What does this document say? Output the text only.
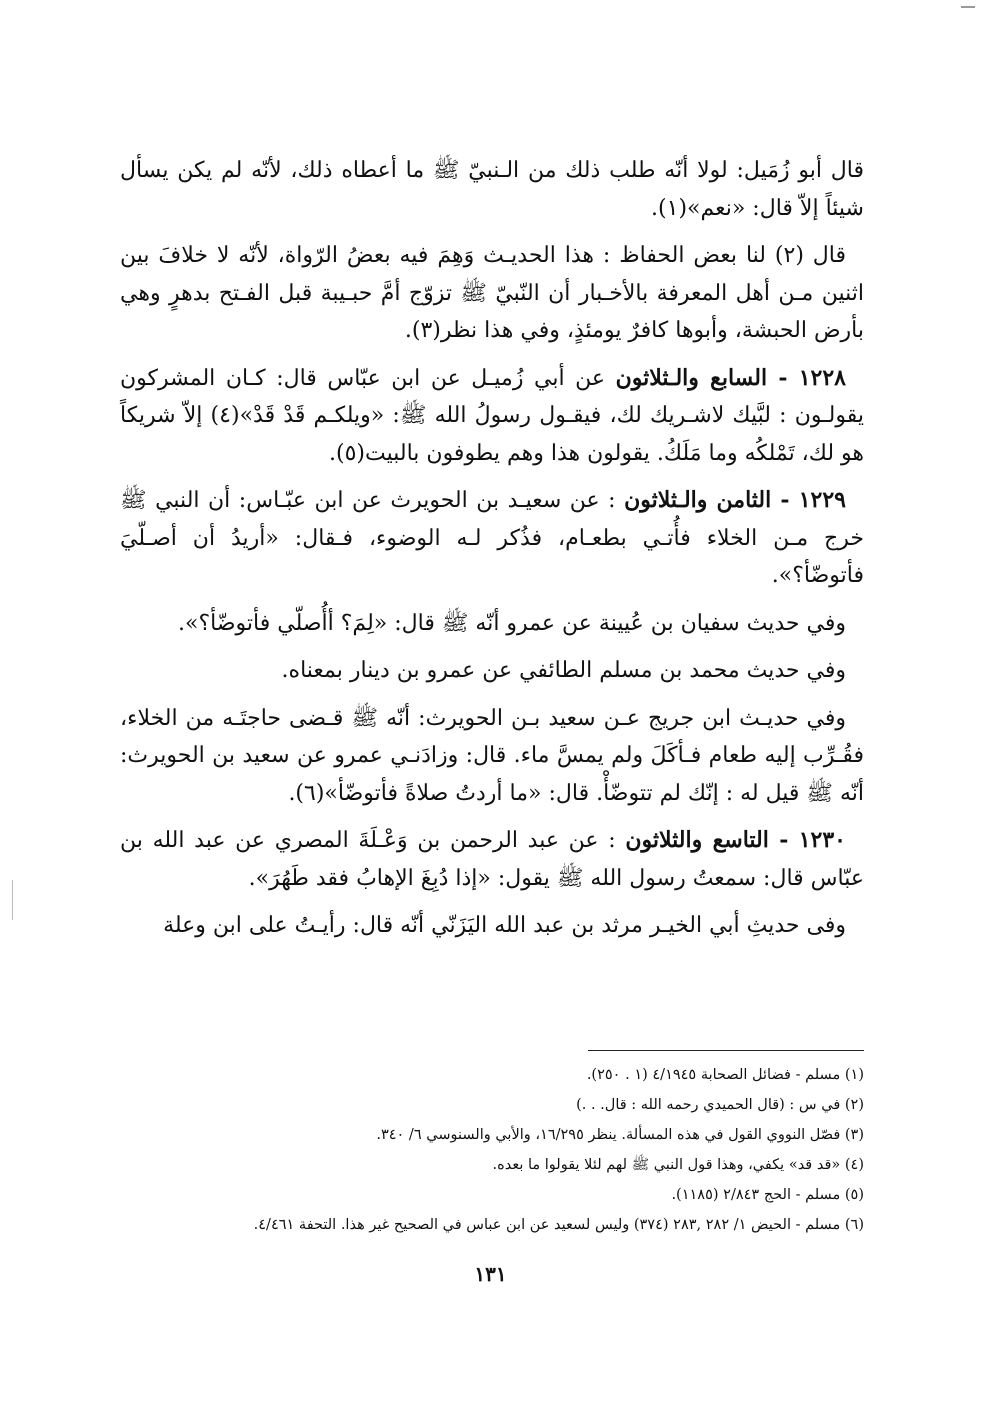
قال أبو زُمَيل: لولا أنّه طلب ذلك من الـنبيّ ﷺ ما أعطاه ذلك، لأنّه لم يكن يسأل شيئاً إلاّ قال: «نعم»(١).

قال (٢) لنا بعض الحفاظ : هذا الحديـث وَهِمَ فيه بعضُ الرّواة، لأنّه لا خلافَ بين اثنين مـن أهل المعرفة بالأخـبار أن النّبيّ ﷺ تزوّج أمَّ حبـيبة قبل الفـتح بدهرٍ وهي بأرض الحبشة، وأبوها كافرٌ يومئذٍ، وفي هذا نظر(٣).

١٢٢٨ - السابع والـثلاثون عن أبي زُميـل عن ابن عبّاس قال: كـان المشركون يقولـون : لبَّيك لاشـريك لك، فيقـول رسولُ الله ﷺ: «ويلكـم قَدْ قَدْ»(٤) إلاّ شريكاً هو لك، تَمْلكُه وما مَلَكُ. يقولون هذا وهم يطوفون بالبيت(٥).

١٢٢٩ - الثامن والـثلاثون : عن سعيـد بن الحويرث عن ابن عبّـاس: أن النبي ﷺ خرج مـن الخلاء فأُتـي بطعـام، فذُكر لـه الوضوء، فـقال: «أريدُ أن أصـلّيَ فأتوضّأ؟».

وفي حديث سفيان بن عُيينة عن عمرو أنّه ﷺ قال: «لِمَ؟ أأُصلّي فأتوضّأ؟».

وفي حديث محمد بن مسلم الطائفي عن عمرو بن دينار بمعناه.

وفي حديـث ابن جريج عـن سعيد بـن الحويرث: أنّه ﷺ قـضى حاجتَـه من الخلاء، فقُـرِّب إليه طعام فـأكَلَ ولم يمسَّ ماء. قال: وزادَنـي عمرو عن سعيد بن الحويرث: أنّه ﷺ قيل له : إنّك لم تتوضّأْ. قال: «ما أردتُ صلاةً فأتوضّأ»(٦).

١٢٣٠ - التاسع والثلاثون : عن عبد الرحمن بن وَعْـلَةَ المصري عن عبد الله بن عبّاس قال: سمعتُ رسول الله ﷺ يقول: «إذا دُبِغَ الإهابُ فقد طَهُرَ».

وفى حديثِ أبي الخيـر مرثد بن عبد الله اليَزَنّي أنّه قال: رأيـتُ على ابن وعلة

(١) مسلم - فضائل الصحابة ٤/١٩٤٥ (١ . ٢٥٠).

(٢) في س : (قال الحميدي رحمه الله : قال. . .)

(٣) فصّل النووي القول في هذه المسألة. ينظر ١٦/٢٩٥، والأبي والسنوسي ٦/ ٣٤٠.

(٤) «قد قد» يكفي، وهذا قول النبي ﷺ لهم لئلا يقولوا ما بعده.

(٥) مسلم - الحج ٢/٨٤٣ (١١٨٥).

(٦) مسلم - الحيض ١/ ٢٨٢ ,٢٨٣ (٣٧٤) وليس لسعيد عن ابن عباس في الصحيح غير هذا. التحفة ٤/٤٦١.

١٣١
